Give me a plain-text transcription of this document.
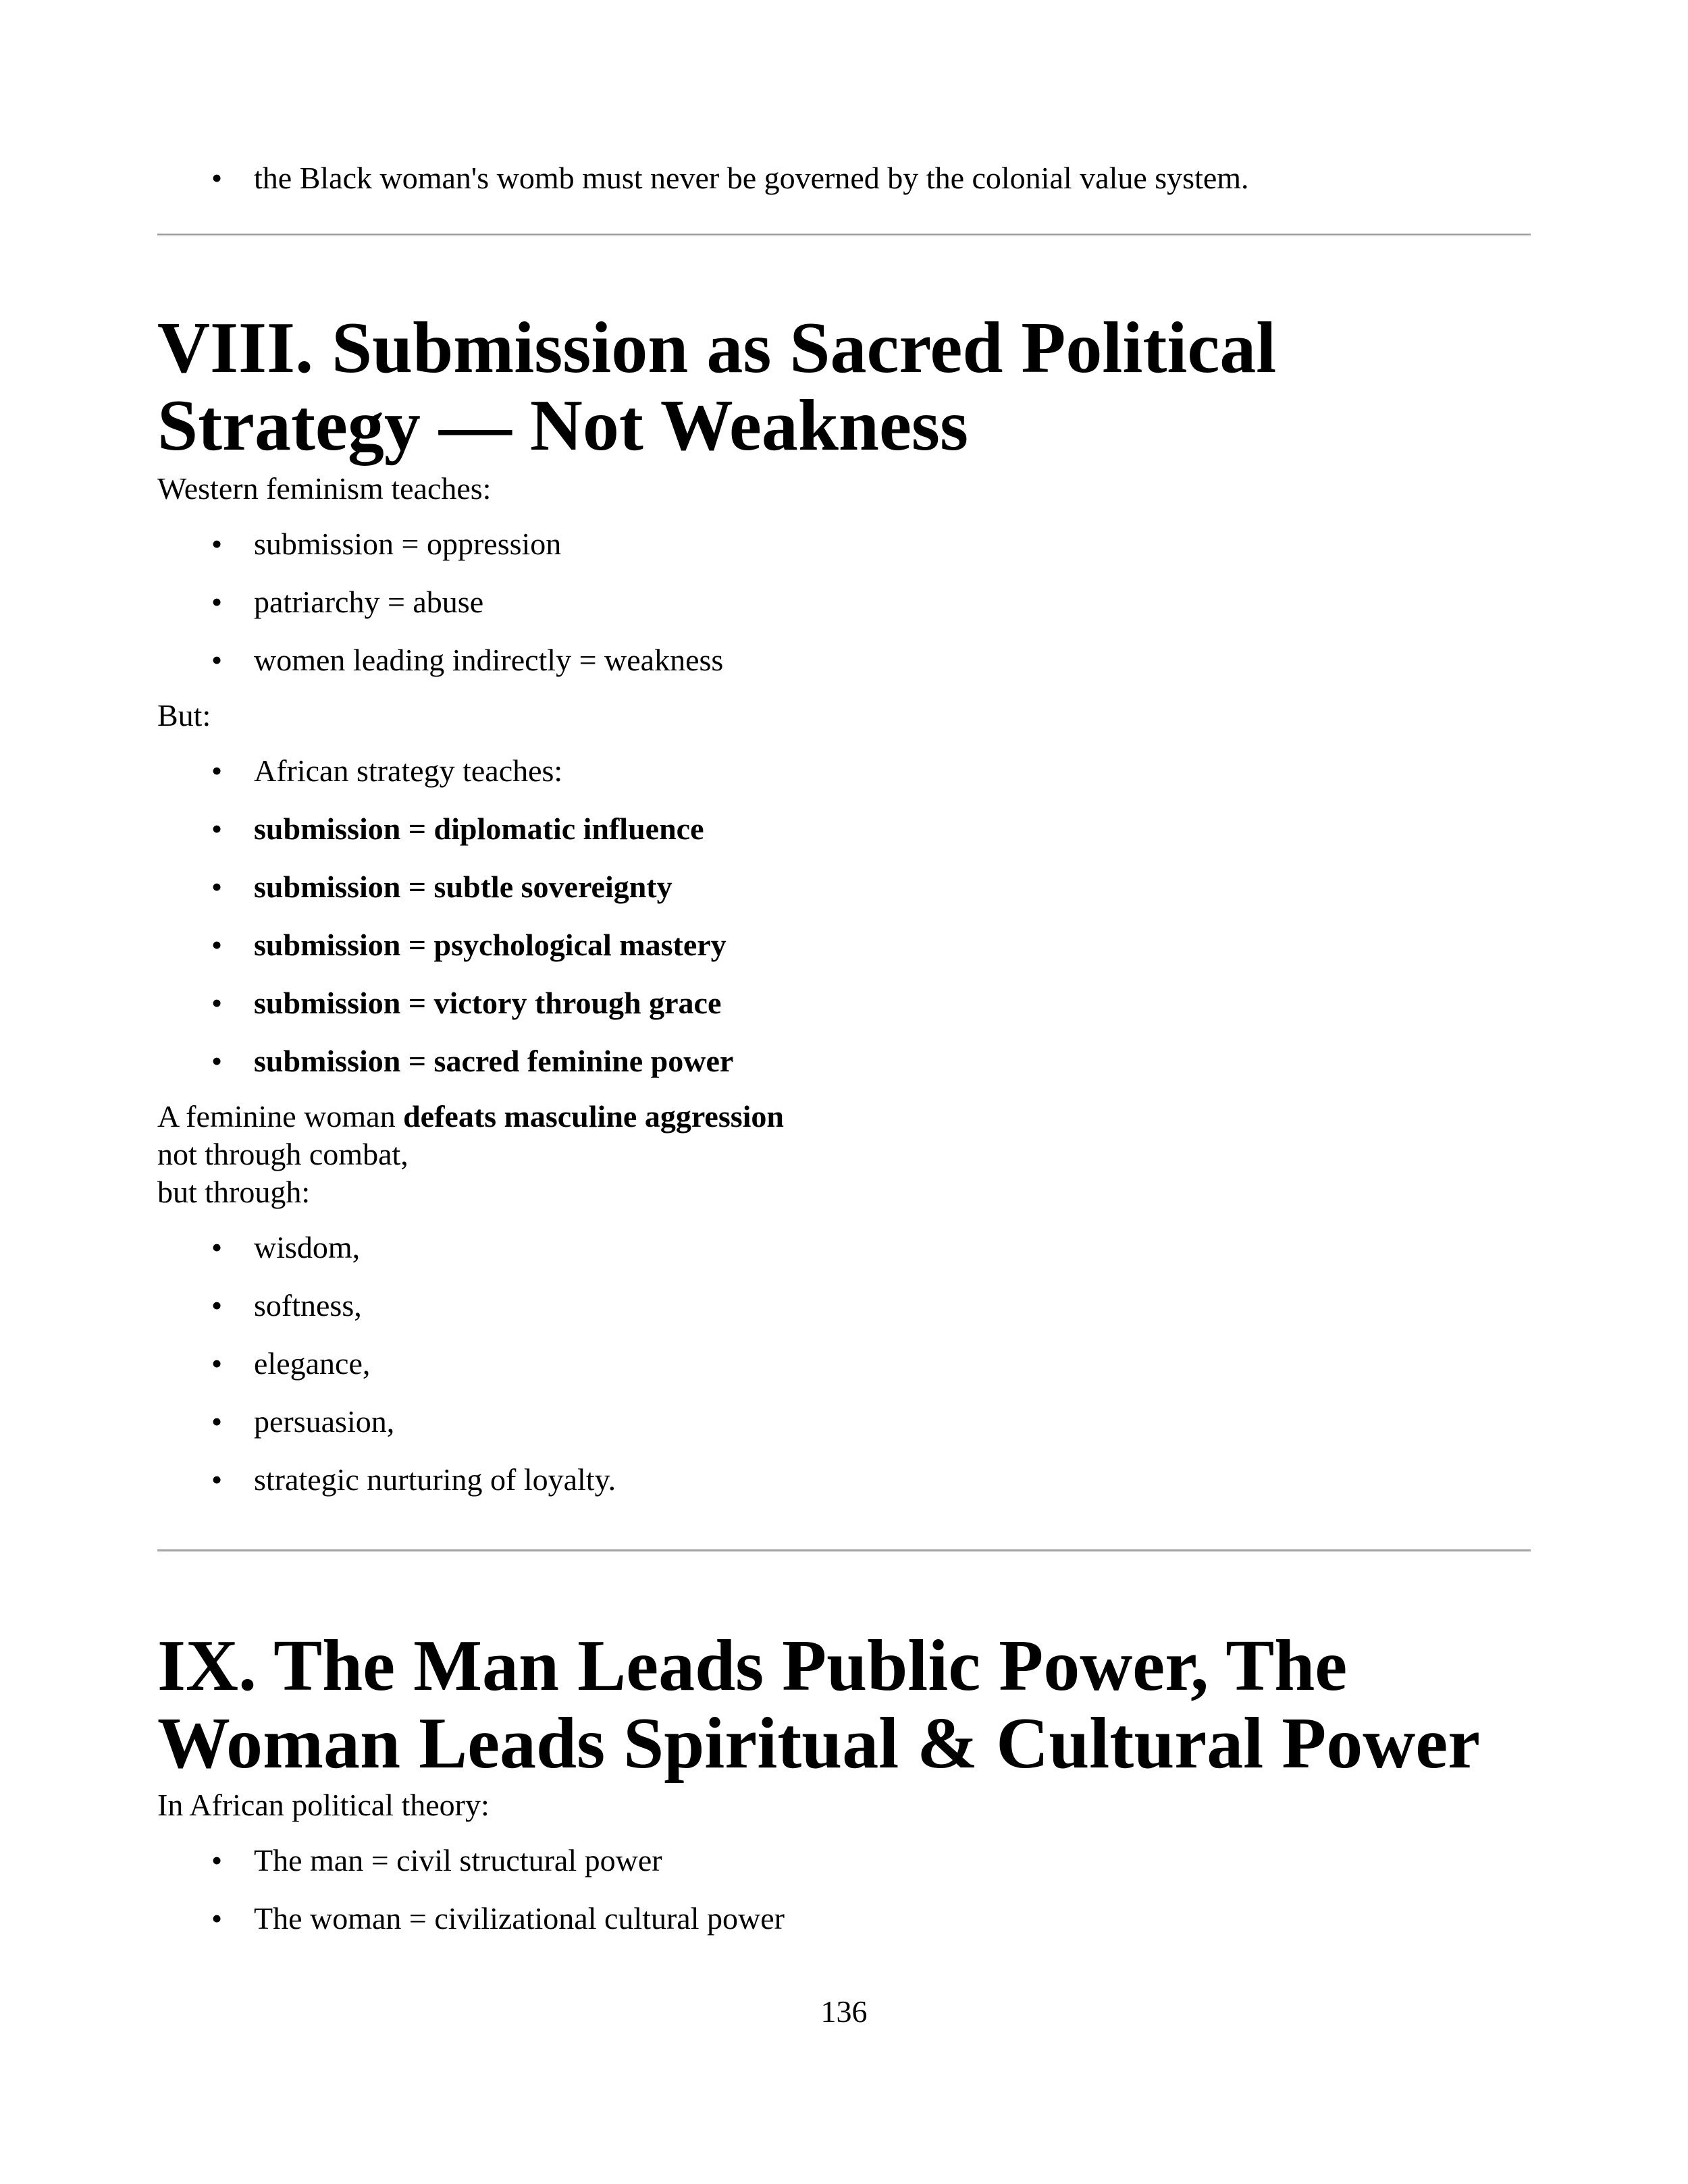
• the Black woman's womb must never be governed by the colonial value system.
VIII. Submission as Sacred Political Strategy — Not Weakness

Western feminism teaches:

• submission = oppression
• patriarchy = abuse
• women leading indirectly = weakness

But:

• African strategy teaches:
• submission = diplomatic influence
• submission = subtle sovereignty
• submission = psychological mastery
• submission = victory through grace
• submission = sacred feminine power

A feminine woman defeats masculine aggression
not through combat,
but through:

• wisdom,
• softness,
• elegance,
• persuasion,
• strategic nurturing of loyalty.
IX. The Man Leads Public Power, The Woman Leads Spiritual & Cultural Power

In African political theory:

• The man = civil structural power
• The woman = civilizational cultural power
136
